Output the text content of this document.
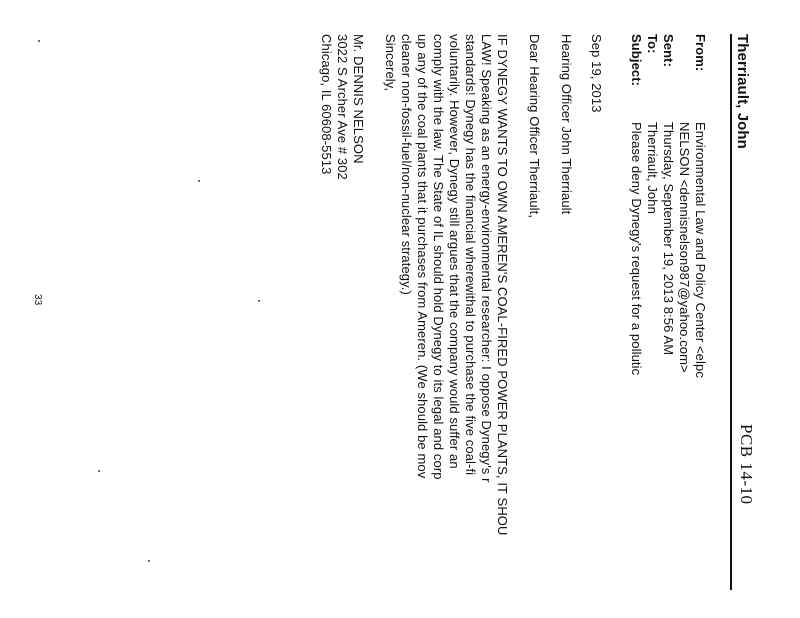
PCB 14-10
Therriault, John
From:
Environmental Law and Policy Center <elpc
NELSON <dennisnelson987@yahoo.com>
Sent:
Thursday, September 19, 2013 8:56 AM
To:
Therriault, John
Subject:
Please deny Dynegy's request for a pollutic
Sep 19, 2013
Hearing Officer John Therriault
Dear Hearing Officer Therriault,
IF DYNEGY WANTS TO OWN AMEREN'S COAL-FIRED POWER PLANTS, IT SHOU
LAW! Speaking as an energy-environmental researcher: I oppose Dynegy's r
standards! Dynegy has the financial wherewithal to purchase the five coal-fi
voluntarily. However, Dynegy still argues that the company would suffer an
comply with the law. The State of IL should hold Dynegy to its legal and corp
up any of the coal plants that it purchases from Ameren. (We should be mov
cleaner non-fossil-fuel/non-nuclear strategy.)
Sincerely,
Mr. DENNIS NELSON
3022 S Archer Ave # 302
Chicago, IL 60608-5513
33
